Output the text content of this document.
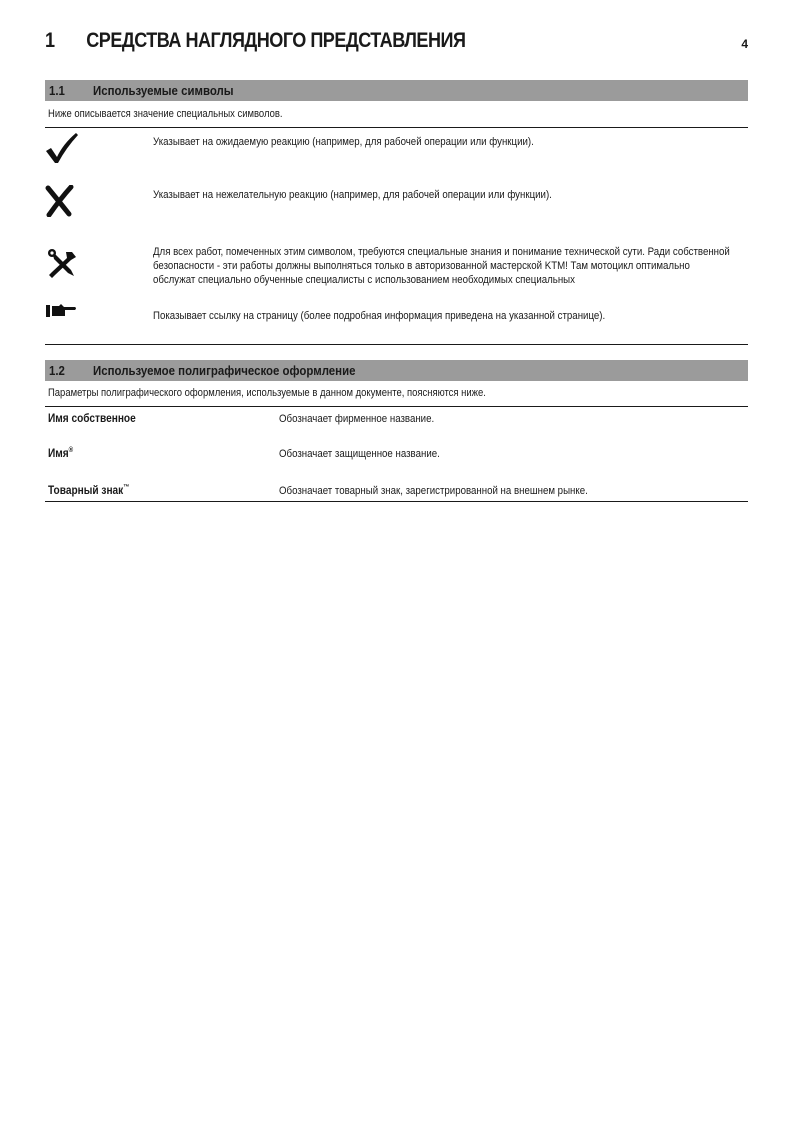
1 СРЕДСТВА НАГЛЯДНОГО ПРЕДСТАВЛЕНИЯ	4
1.1 Используемые символы
Ниже описывается значение специальных символов.
Указывает на ожидаемую реакцию (например, для рабочей операции или функции).
Указывает на нежелательную реакцию (например, для рабочей операции или функции).
Для всех работ, помеченных этим символом, требуются специальные знания и понимание технической сути. Ради собственной безопасности - эти работы должны выполняться только в авторизованной мастерской KTM! Там мотоцикл оптимально обслужат специально обученные специалисты с использованием необходимых специальных
Показывает ссылку на страницу (более подробная информация приведена на указанной странице).
1.2 Используемое полиграфическое оформление
Параметры полиграфического оформления, используемые в данном документе, поясняются ниже.
Имя собственное	Обозначает фирменное название.
Имя®	Обозначает защищенное название.
Товарный знак™	Обозначает товарный знак, зарегистрированной на внешнем рынке.
